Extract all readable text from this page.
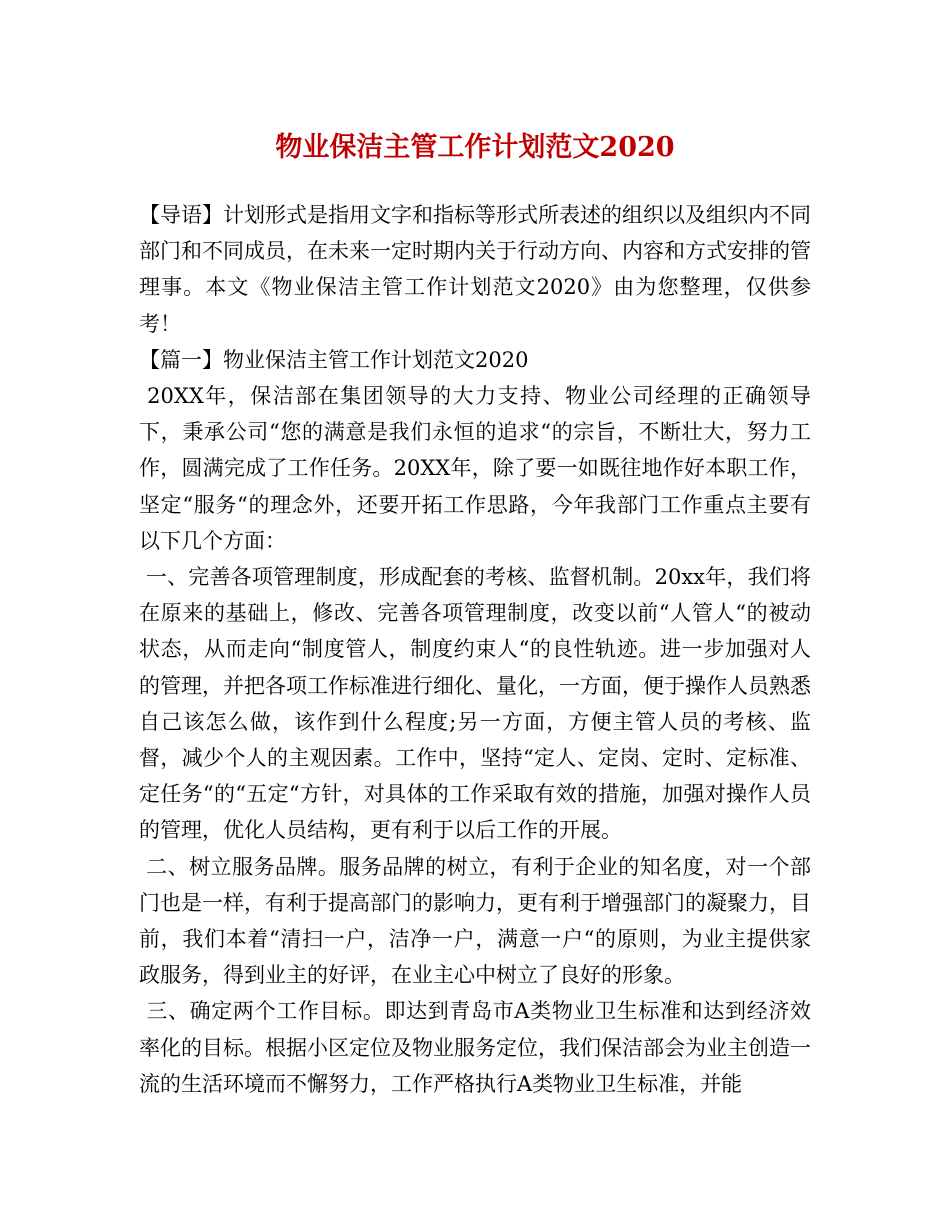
物业保洁主管工作计划范文2020

【导语】计划形式是指用文字和指标等形式所表述的组织以及组织内不同部门和不同成员，在未来一定时期内关于行动方向、内容和方式安排的管理事。本文《物业保洁主管工作计划范文2020》由为您整理，仅供参考！

【篇一】物业保洁主管工作计划范文2020

20XX年，保洁部在集团领导的大力支持、物业公司经理的正确领导下，秉承公司“您的满意是我们永恒的追求“的宗旨，不断壮大，努力工作，圆满完成了工作任务。20XX年，除了要一如既往地作好本职工作，坚定“服务“的理念外，还要开拓工作思路，今年我部门工作重点主要有以下几个方面：

一、完善各项管理制度，形成配套的考核、监督机制。20xx年，我们将在原来的基础上，修改、完善各项管理制度，改变以前“人管人“的被动状态，从而走向“制度管人，制度约束人“的良性轨迹。进一步加强对人的管理，并把各项工作标准进行细化、量化，一方面，便于操作人员熟悉自己该怎么做，该作到什么程度;另一方面，方便主管人员的考核、监督，减少个人的主观因素。工作中，坚持“定人、定岗、定时、定标准、定任务“的“五定“方针，对具体的工作采取有效的措施，加强对操作人员的管理，优化人员结构，更有利于以后工作的开展。

二、树立服务品牌。服务品牌的树立，有利于企业的知名度，对一个部门也是一样，有利于提高部门的影响力，更有利于增强部门的凝聚力，目前，我们本着“清扫一户，洁净一户，满意一户“的原则，为业主提供家政服务，得到业主的好评，在业主心中树立了良好的形象。

三、确定两个工作目标。即达到青岛市A类物业卫生标准和达到经济效率化的目标。根据小区定位及物业服务定位，我们保洁部会为业主创造一流的生活环境而不懈努力，工作严格执行A类物业卫生标准，并能
